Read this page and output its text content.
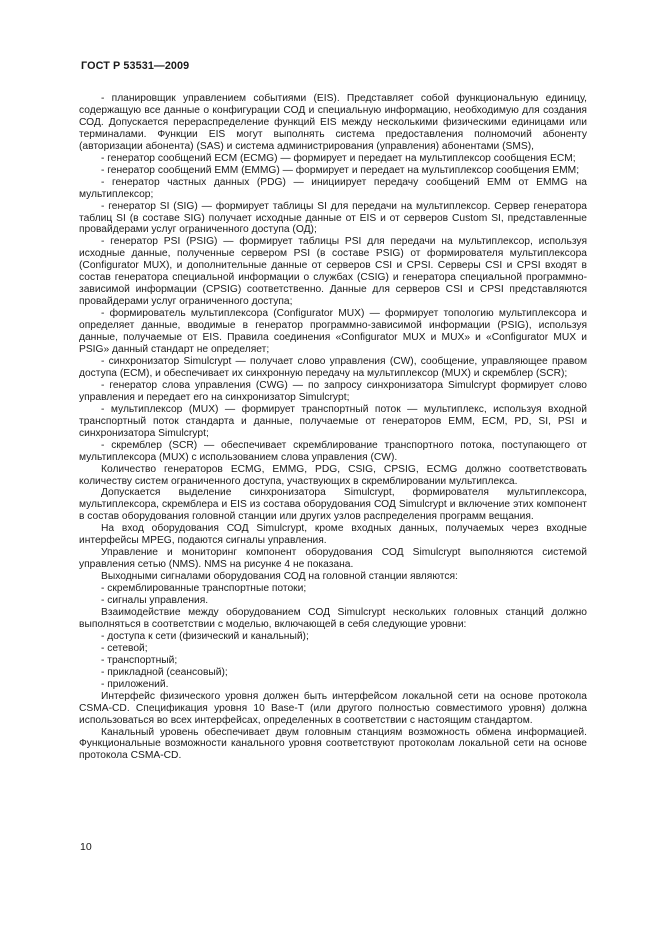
ГОСТ Р 53531—2009

- планировщик управлением событиями (EIS). Представляет собой функциональную единицу, содержащую все данные о конфигурации СОД и специальную информацию, необходимую для создания СОД. Допускается перераспределение функций EIS между несколькими физическими единицами или терминалами. Функции EIS могут выполнять система предоставления полномочий абоненту (авторизации абонента) (SAS) и система администрирования (управления) абонентами (SMS),

- генератор сообщений ECM (ECMG) — формирует и передает на мультиплексор сообщения ECM;

- генератор сообщений EMM (EMMG) — формирует и передает на мультиплексор сообщения EMM;

- генератор частных данных (PDG) — инициирует передачу сообщений EMM от EMMG на мультиплексор;

- генератор SI (SIG) — формирует таблицы SI для передачи на мультиплексор. Сервер генератора таблиц SI (в составе SIG) получает исходные данные от EIS и от серверов Custom SI, представленные провайдерами услуг ограниченного доступа (ОД);

- генератор PSI (PSIG) — формирует таблицы PSI для передачи на мультиплексор, используя исходные данные, полученные сервером PSI (в составе PSIG) от формирователя мультиплексора (Configurator MUX), и дополнительные данные от серверов CSI и CPSI. Серверы CSI и CPSI входят в состав генератора специальной информации о службах (CSIG) и генератора специальной программно-зависимой информации (CPSIG) соответственно. Данные для серверов CSI и CPSI представляются провайдерами услуг ограниченного доступа;

- формирователь мультиплексора (Configurator MUX) — формирует топологию мультиплексора и определяет данные, вводимые в генератор программно-зависимой информации (PSIG), используя данные, получаемые от EIS. Правила соединения «Configurator MUX и MUX» и «Configurator MUX и PSIG» данный стандарт не определяет;

- синхронизатор Simulcrypt — получает слово управления (CW), сообщение, управляющее правом доступа (ECM), и обеспечивает их синхронную передачу на мультиплексор (MUX) и скремблер (SCR);

- генератор слова управления (CWG) — по запросу синхронизатора Simulcrypt формирует слово управления и передает его на синхронизатор Simulcrypt;

- мультиплексор (MUX) — формирует транспортный поток — мультиплекс, используя входной транспортный поток стандарта и данные, получаемые от генераторов EMM, ECM, PD, SI, PSI и синхронизатора Simulcrypt;

- скремблер (SCR) — обеспечивает скремблирование транспортного потока, поступающего от мультиплексора (MUX) с использованием слова управления (CW).

Количество генераторов ECMG, EMMG, PDG, CSIG, CPSIG, ECMG должно соответствовать количеству систем ограниченного доступа, участвующих в скремблировании мультиплекса.

Допускается выделение синхронизатора Simulcrypt, формирователя мультиплексора, мультиплексора, скремблера и EIS из состава оборудования СОД Simulcrypt и включение этих компонент в состав оборудования головной станции или других узлов распределения программ вещания.

На вход оборудования СОД Simulcrypt, кроме входных данных, получаемых через входные интерфейсы MPEG, подаются сигналы управления.

Управление и мониторинг компонент оборудования СОД Simulcrypt выполняются системой управления сетью (NMS). NMS на рисунке 4 не показана.

Выходными сигналами оборудования СОД на головной станции являются:

- скремблированные транспортные потоки;

- сигналы управления.

Взаимодействие между оборудованием СОД Simulcrypt нескольких головных станций должно выполняться в соответствии с моделью, включающей в себя следующие уровни:

- доступа к сети (физический и канальный);

- сетевой;

- транспортный;

- прикладной (сеансовый);

- приложений.

Интерфейс физического уровня должен быть интерфейсом локальной сети на основе протокола CSMA-CD. Спецификация уровня 10 Base-T (или другого полностью совместимого уровня) должна использоваться во всех интерфейсах, определенных в соответствии с настоящим стандартом.

Канальный уровень обеспечивает двум головным станциям возможность обмена информацией. Функциональные возможности канального уровня соответствуют протоколам локальной сети на основе протокола CSMA-CD.

10
